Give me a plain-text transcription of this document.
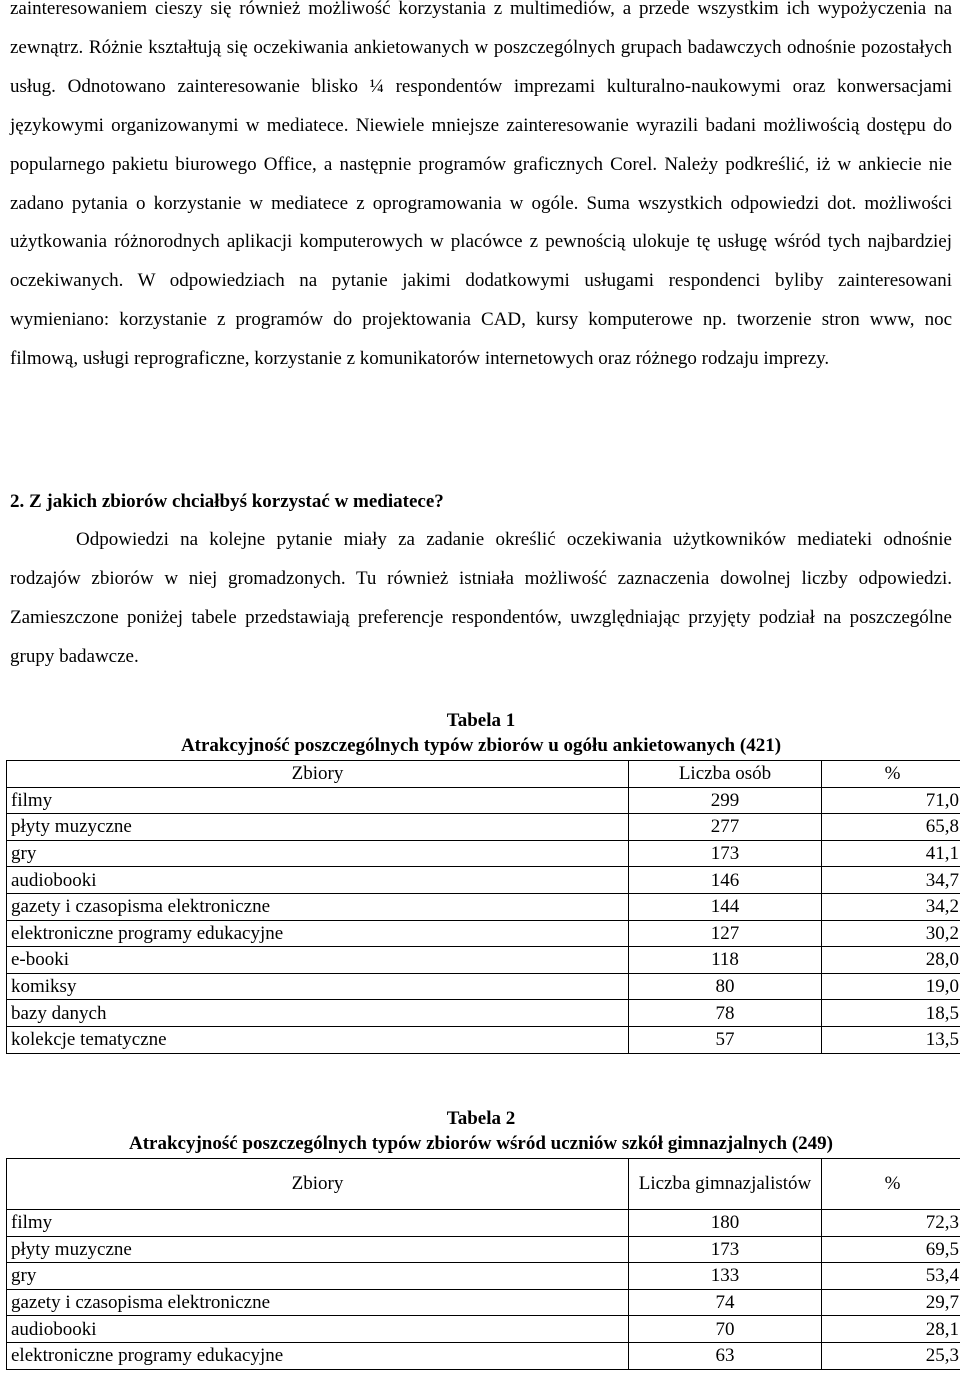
zainteresowaniem cieszy się również możliwość korzystania z multimediów, a przede wszystkim ich wypożyczenia na zewnątrz. Różnie kształtują się oczekiwania ankietowanych w poszczególnych grupach badawczych odnośnie pozostałych usług. Odnotowano zainteresowanie blisko ¼ respondentów imprezami kulturalno-naukowymi oraz konwersacjami językowymi organizowanymi w mediatece. Niewiele mniejsze zainteresowanie wyrazili badani możliwością dostępu do popularnego pakietu biurowego Office, a następnie programów graficznych Corel. Należy podkreślić, iż w ankiecie nie zadano pytania o korzystanie w mediatece z oprogramowania w ogóle. Suma wszystkich odpowiedzi dot. możliwości użytkowania różnorodnych aplikacji komputerowych w placówce z pewnością ulokuje tę usługę wśród tych najbardziej oczekiwanych. W odpowiedziach na pytanie jakimi dodatkowymi usługami respondenci byliby zainteresowani wymieniano: korzystanie z programów do projektowania CAD, kursy komputerowe np. tworzenie stron www, noc filmową, usługi reprograficzne, korzystanie z komunikatorów internetowych oraz różnego rodzaju imprezy.

2. Z jakich zbiorów chciałbyś korzystać w mediatece?

Odpowiedzi na kolejne pytanie miały za zadanie określić oczekiwania użytkowników mediateki odnośnie rodzajów zbiorów w niej gromadzonych. Tu również istniała możliwość zaznaczenia dowolnej liczby odpowiedzi. Zamieszczone poniżej tabele przedstawiają preferencje respondentów, uwzględniając przyjęty podział na poszczególne grupy badawcze.

Tabela 1
Atrakcyjność poszczególnych typów zbiorów u ogółu ankietowanych (421)
Zbiory	Liczba osób	%
filmy	299	71,0
płyty muzyczne	277	65,8
gry	173	41,1
audiobooki	146	34,7
gazety i czasopisma elektroniczne	144	34,2
elektroniczne programy edukacyjne	127	30,2
e-booki	118	28,0
komiksy	80	19,0
bazy danych	78	18,5
kolekcje tematyczne	57	13,5
Tabela 2
Atrakcyjność poszczególnych typów zbiorów wśród uczniów szkół gimnazjalnych (249)
Zbiory	Liczba gimnazjalistów	%
filmy	180	72,3
płyty muzyczne	173	69,5
gry	133	53,4
gazety i czasopisma elektroniczne	74	29,7
audiobooki	70	28,1
elektroniczne programy edukacyjne	63	25,3
